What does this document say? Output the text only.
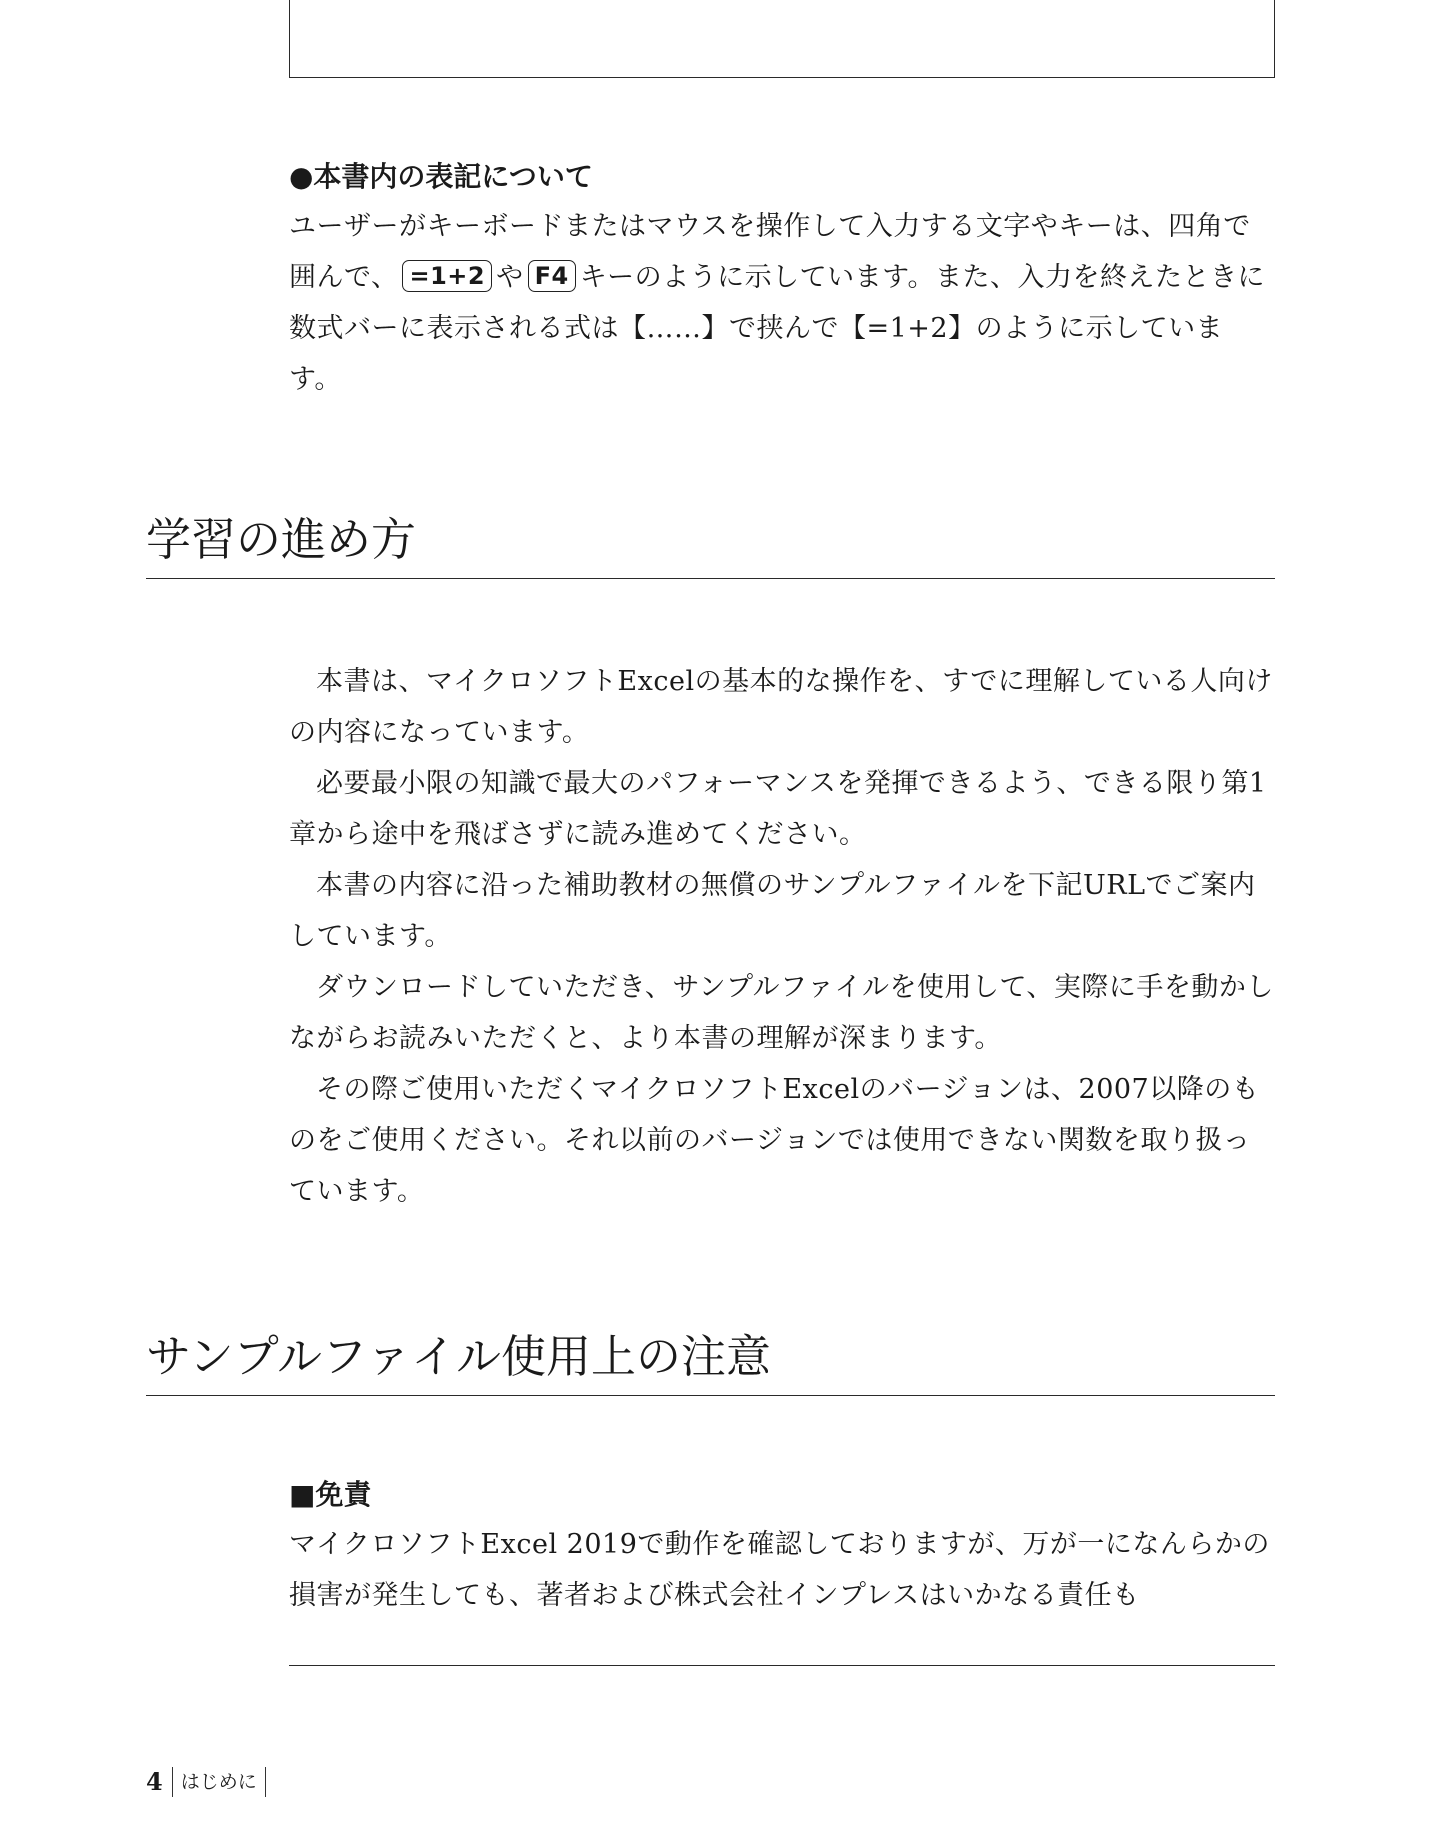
●本書内の表記について

ユーザーがキーボードまたはマウスを操作して入力する文字やキーは、四角で囲んで、 =1+2 や F4 キーのように示しています。また、入力を終えたときに数式バーに表示される式は【……】で挟んで【=1+2】のように示しています。

学習の進め方

本書は、マイクロソフトExcelの基本的な操作を、すでに理解している人向けの内容になっています。

必要最小限の知識で最大のパフォーマンスを発揮できるよう、できる限り第1章から途中を飛ばさずに読み進めてください。

本書の内容に沿った補助教材の無償のサンプルファイルを下記URLでご案内しています。

ダウンロードしていただき、サンプルファイルを使用して、実際に手を動かしながらお読みいただくと、より本書の理解が深まります。

その際ご使用いただくマイクロソフトExcelのバージョンは、2007以降のものをご使用ください。それ以前のバージョンでは使用できない関数を取り扱っています。

サンプルファイル使用上の注意

■免責

マイクロソフトExcel 2019で動作を確認しておりますが、万が一になんらかの損害が発生しても、著者および株式会社インプレスはいかなる責任も

4 はじめに
